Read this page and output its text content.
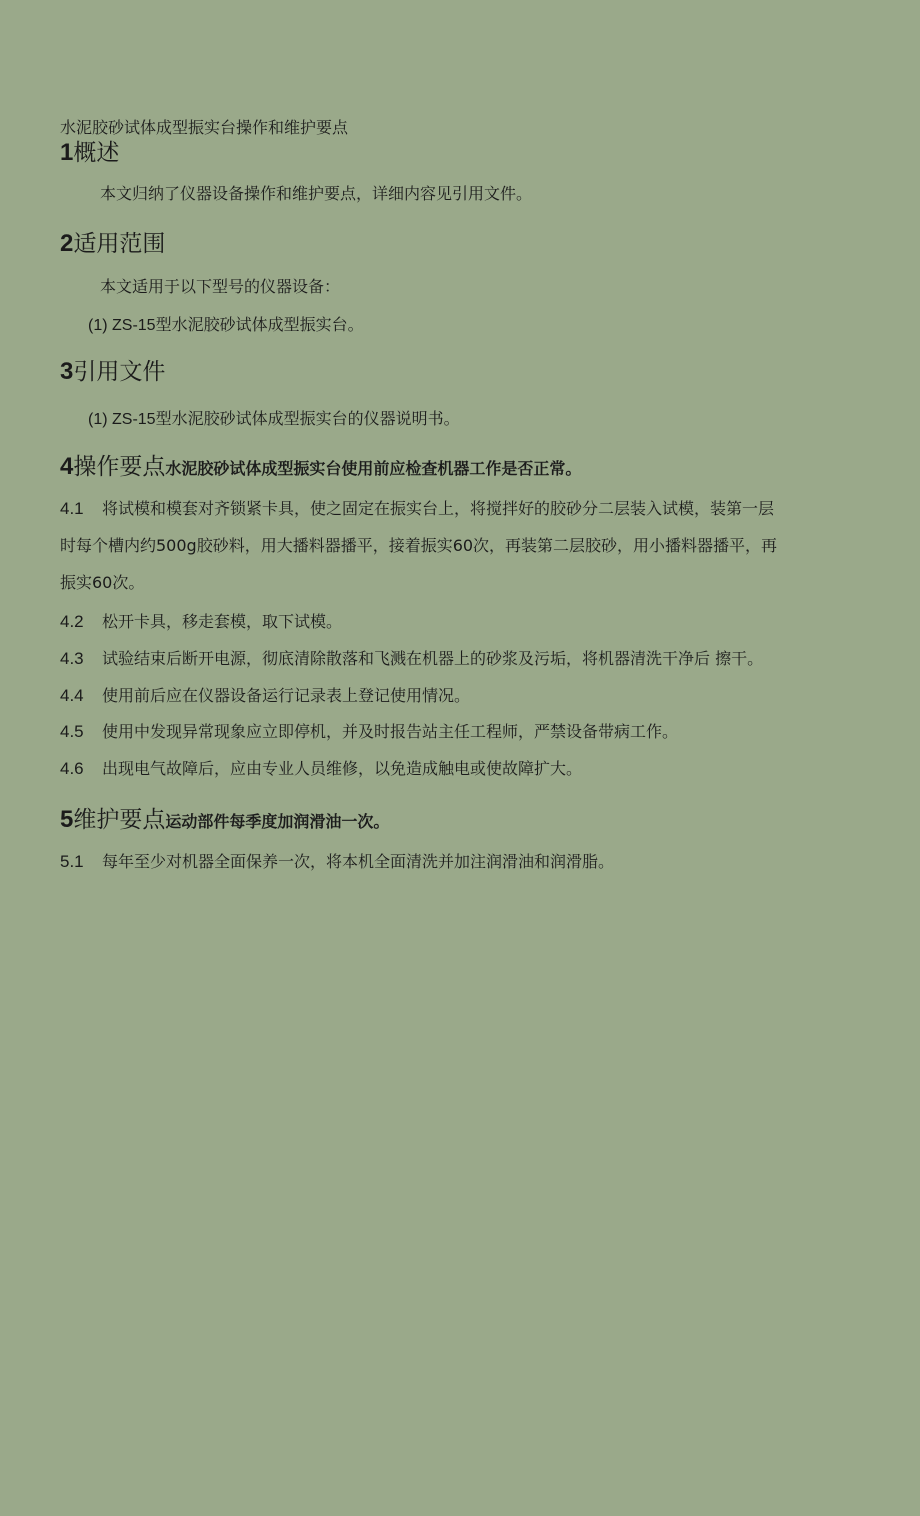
水泥胶砂试体成型振实台操作和维护要点
1概述
本文归纳了仪器设备操作和维护要点，详细内容见引用文件。
2适用范围
本文适用于以下型号的仪器设备：
(1) ZS-15型水泥胶砂试体成型振实台。
3引用文件
(1) ZS-15型水泥胶砂试体成型振实台的仪器说明书。
4操作要点水泥胶砂试体成型振实台使用前应检查机器工作是否正常。
4.1 将试模和模套对齐锁紧卡具，使之固定在振实台上，将搅拌好的胶砂分二层装入试模，装第一层
时每个槽内约500g胶砂料，用大播料器播平，接着振实60次，再装第二层胶砂，用小播料器播平，再
振实60次。
4.2 松开卡具，移走套模，取下试模。
4.3 试验结束后断开电源，彻底清除散落和飞溅在机器上的砂浆及污垢，将机器清洗干净后 擦干。
4.4 使用前后应在仪器设备运行记录表上登记使用情况。
4.5 使用中发现异常现象应立即停机，并及时报告站主任工程师，严禁设备带病工作。
4.6 出现电气故障后，应由专业人员维修，以免造成触电或使故障扩大。
5维护要点运动部件每季度加润滑油一次。
5.1 每年至少对机器全面保养一次，将本机全面清洗并加注润滑油和润滑脂。
